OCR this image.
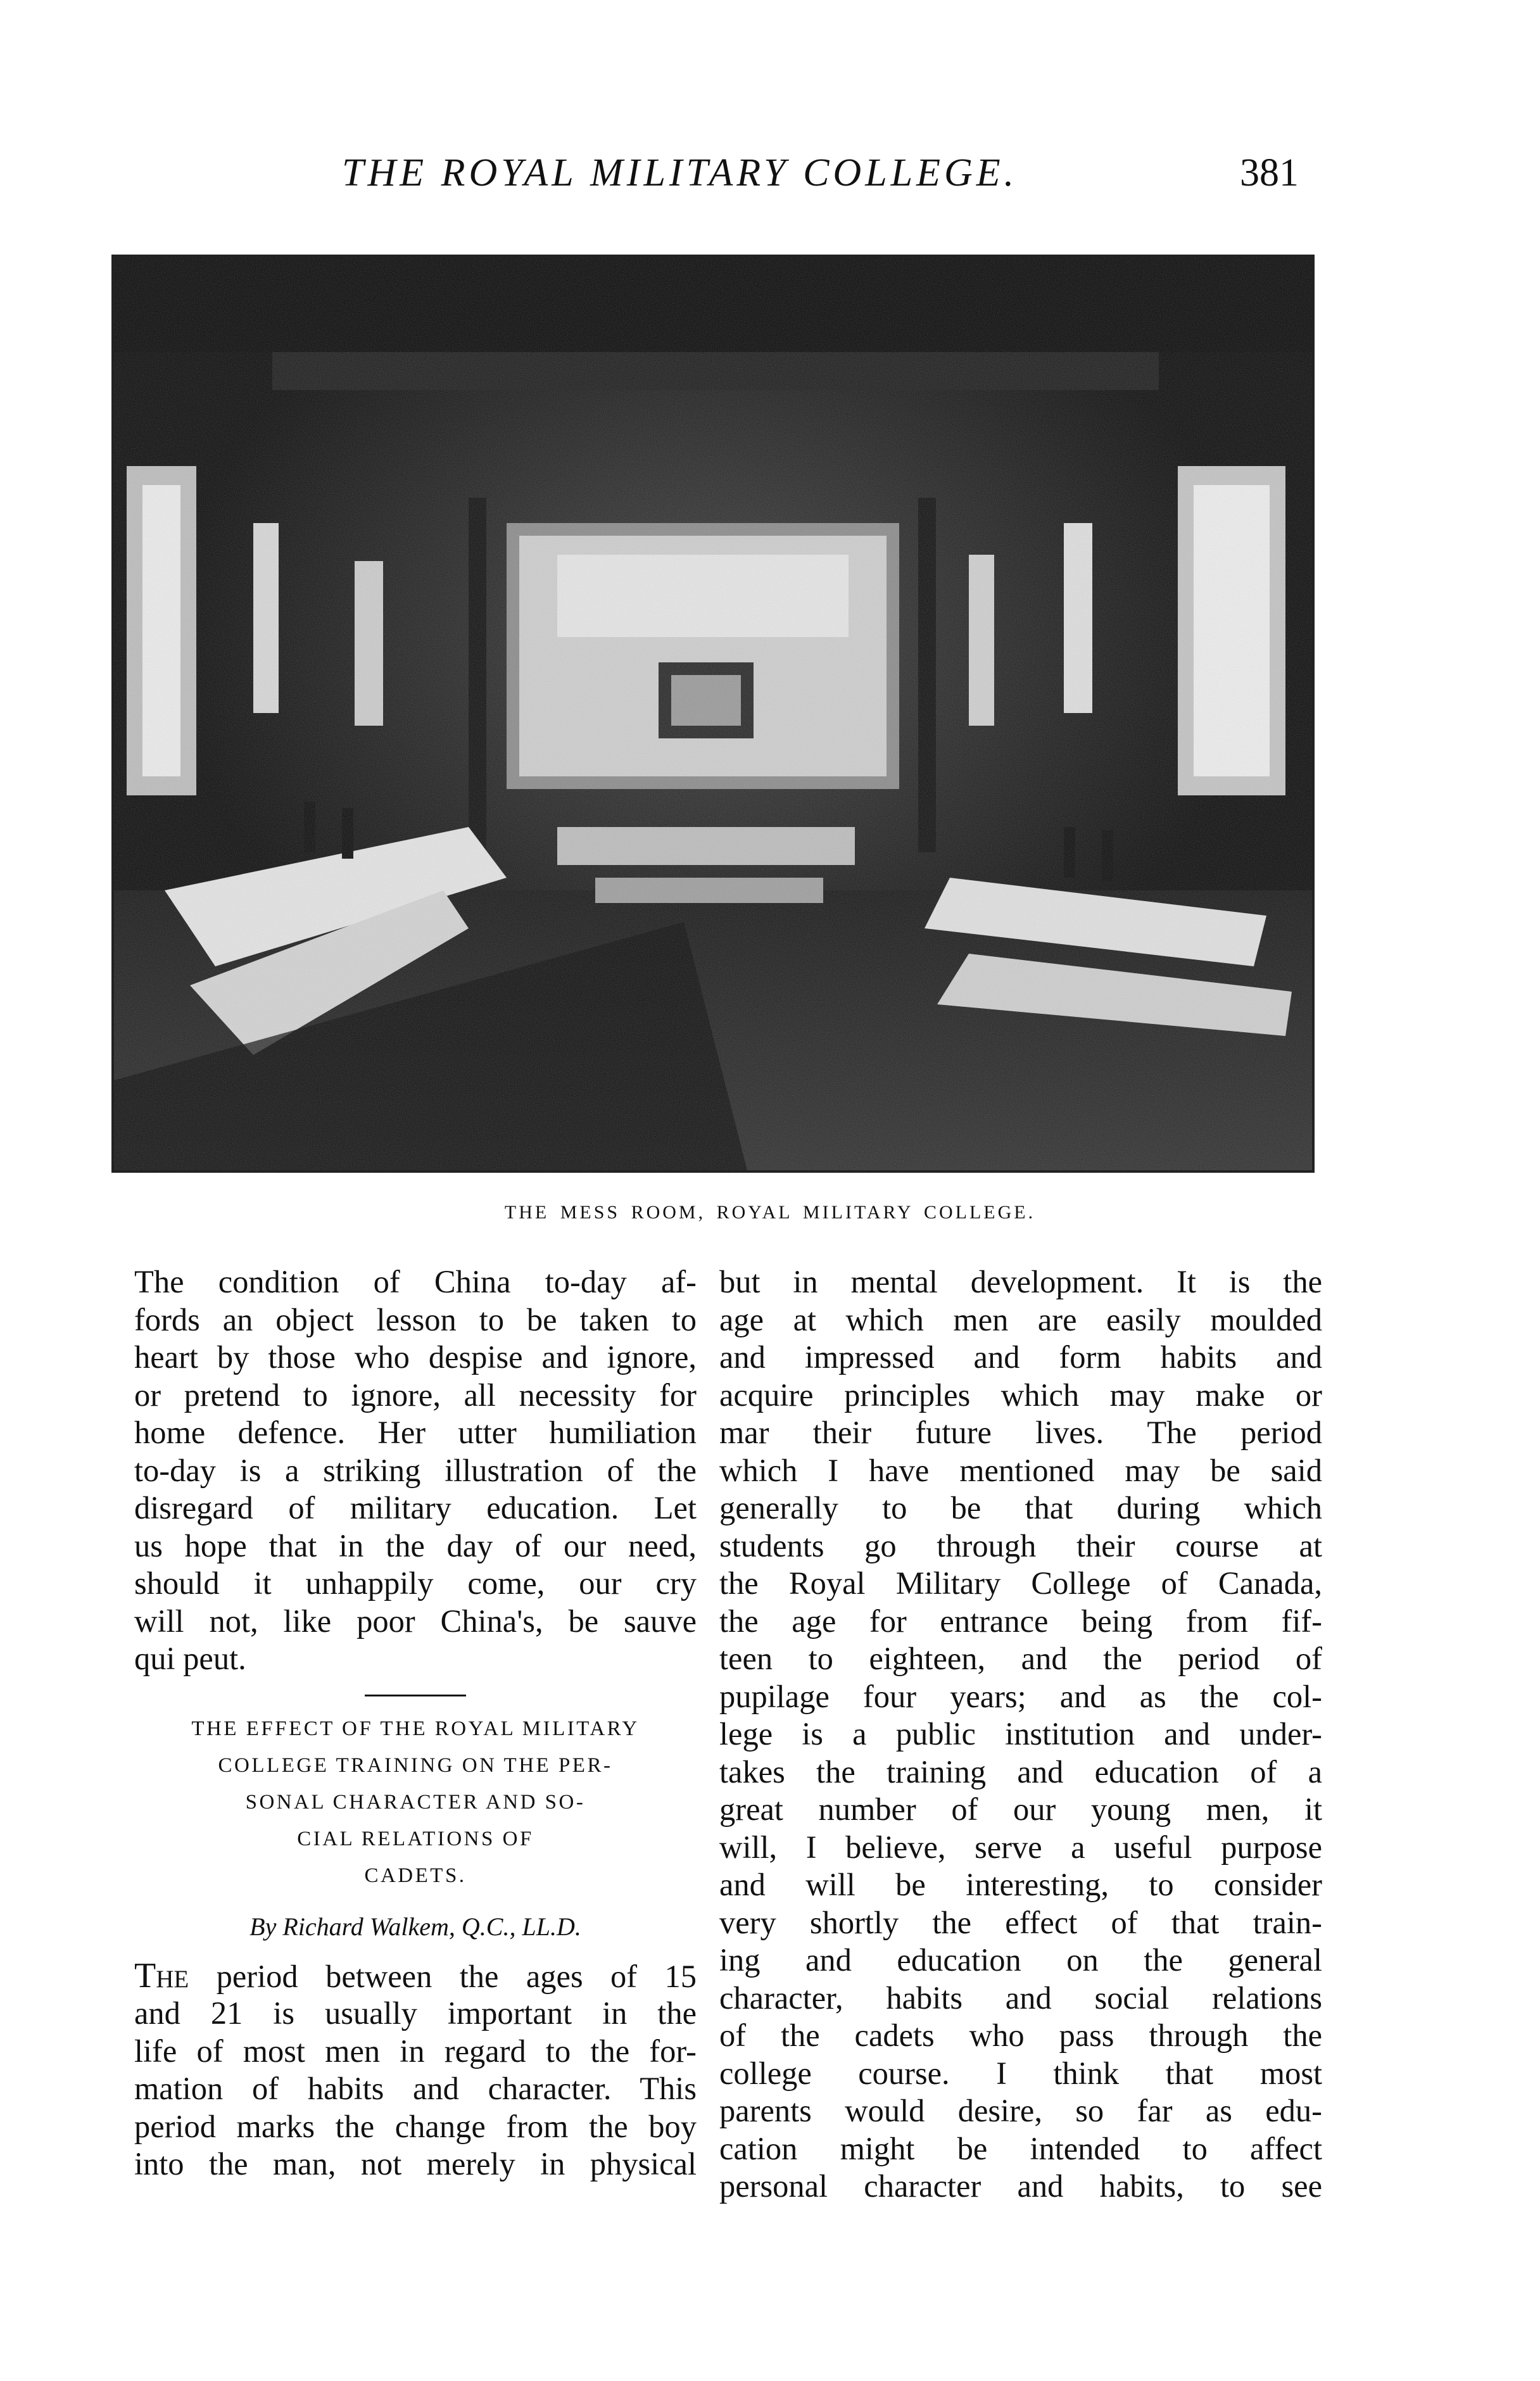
THE ROYAL MILITARY COLLEGE.	381
THE MESS ROOM, ROYAL MILITARY COLLEGE.
The condition of China to-day af-
fords an object lesson to be taken to
heart by those who despise and ignore,
or pretend to ignore, all necessity for
home defence. Her utter humiliation
to-day is a striking illustration of the
disregard of military education. Let
us hope that in the day of our need,
should it unhappily come, our cry
will not, like poor China's, be sauve
qui peut.
THE EFFECT OF THE ROYAL MILITARY
COLLEGE TRAINING ON THE PER-
SONAL CHARACTER AND SO-
CIAL RELATIONS OF
CADETS.
By Richard Walkem, Q.C., LL.D.
The period between the ages of 15
and 21 is usually important in the
life of most men in regard to the for-
mation of habits and character. This
period marks the change from the boy
into the man, not merely in physical
but in mental development. It is the
age at which men are easily moulded
and impressed and form habits and
acquire principles which may make or
mar their future lives. The period
which I have mentioned may be said
generally to be that during which
students go through their course at
the Royal Military College of Canada,
the age for entrance being from fif-
teen to eighteen, and the period of
pupilage four years; and as the col-
lege is a public institution and under-
takes the training and education of a
great number of our young men, it
will, I believe, serve a useful purpose
and will be interesting, to consider
very shortly the effect of that train-
ing and education on the general
character, habits and social relations
of the cadets who pass through the
college course. I think that most
parents would desire, so far as edu-
cation might be intended to affect
personal character and habits, to see
